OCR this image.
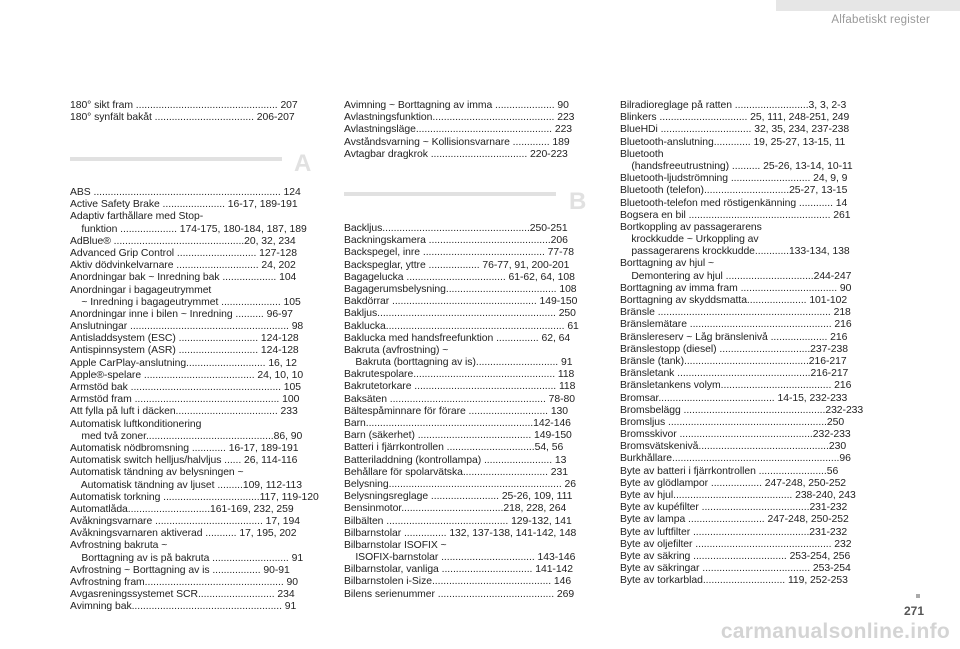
Alfabetiskt register
180° sikt fram .................................................. 207
180° synfält bakåt ................................... 206-207
A
ABS .................................................................. 124
Active Safety Brake ...................... 16-17, 189-191
Adaptiv farthållare med Stop-
funktion .................... 174-175, 180-184, 187, 189
AdBlue® ..............................................20, 32, 234
Advanced Grip Control ............................ 127-128
Aktiv dödvinkelvarnare ............................. 24, 202
Anordningar bak ~ Inredning bak ................... 104
Anordningar i bagageutrymmet
~ Inredning i bagageutrymmet ..................... 105
Anordningar inne i bilen ~ Inredning .......... 96-97
Anslutningar ........................................................ 98
Antisladdsystem (ESC) ............................ 124-128
Antispinnsystem (ASR) ............................ 124-128
Apple CarPlay-anslutning............................ 16, 12
Apple®-spelare ....................................... 24, 10, 10
Armstöd bak ..................................................... 105
Armstöd fram ................................................... 100
Att fylla på luft i däcken.................................... 233
Automatisk luftkonditionering
med två zoner.............................................86, 90
Automatisk nödbromsning ............ 16-17, 189-191
Automatisk switch helljus/halvljus ...... 26, 114-116
Automatisk tändning av belysningen ~
Automatisk tändning av ljuset .........109, 112-113
Automatisk torkning ..................................117, 119-120
Automatlåda.............................161-169, 232, 259
Avåkningsvarnare ...................................... 17, 194
Avåkningsvarnaren aktiverad ........... 17, 195, 202
Avfrostning bakruta ~
Borttagning av is på bakruta ........................... 91
Avfrostning ~ Borttagning av is ................. 90-91
Avfrostning fram................................................. 90
Avgasreningssystemet SCR........................... 234
Avimning bak..................................................... 91
Avimning ~ Borttagning av imma ..................... 90
Avlastningsfunktion........................................... 223
Avlastningsläge................................................ 223
Avståndsvarning ~ Kollisionsvarnare ............. 189
Avtagbar dragkrok .................................. 220-223
B
Backljus....................................................250-251
Backningskamera ...........................................206
Backspegel, inre ........................................... 77-78
Backspeglar, yttre .................. 76-77, 91, 200-201
Bagagelucka ................................... 61-62, 64, 108
Bagagerumsbelysning....................................... 108
Bakdörrar ................................................... 149-150
Bakljus............................................................... 250
Baklucka............................................................... 61
Baklucka med handsfreefunktion ............... 62, 64
Bakruta (avfrostning) ~
Bakruta (borttagning av is)............................. 91
Bakrutespolare.................................................. 118
Bakrutetorkare .................................................. 118
Baksäten ....................................................... 78-80
Bältespåminnare för förare ............................ 130
Barn...........................................................142-146
Barn (säkerhet) ........................................ 149-150
Batteri i fjärrkontrollen ...............................54, 56
Batteriladdning (kontrollampa) ........................ 13
Behållare för spolarvätska.............................. 231
Belysning............................................................. 26
Belysningsreglage ........................ 25-26, 109, 111
Bensinmotor....................................218, 228, 264
Bilbälten ........................................... 129-132, 141
Bilbarnstolar ............... 132, 137-138, 141-142, 148
Bilbarnstolar ISOFIX ~
ISOFIX-barnstolar ................................. 143-146
Bilbarnstolar, vanliga ................................ 141-142
Bilbarnstolen i-Size.......................................... 146
Bilens serienummer ......................................... 269
Bilradioreglage på ratten ..........................3, 3, 2-3
Blinkers ............................... 25, 111, 248-251, 249
BlueHDi ................................ 32, 35, 234, 237-238
Bluetooth-anslutning............. 19, 25-27, 13-15, 11
Bluetooth
(handsfreeutrustning) .......... 25-26, 13-14, 10-11
Bluetooth-ljudströmning ............................ 24, 9, 9
Bluetooth (telefon)..............................25-27, 13-15
Bluetooth-telefon med röstigenkänning ............ 14
Bogsera en bil .................................................. 261
Bortkoppling av passagerarens
krockkudde ~ Urkoppling av
passagerarens krockkudde............133-134, 138
Borttagning av hjul ~
Demontering av hjul ...............................244-247
Borttagning av imma fram .................................. 90
Borttagning av skyddsmatta..................... 101-102
Bränsle ............................................................. 218
Bränslemätare .................................................. 216
Bränslereserv ~ Låg bränslenivå .................... 216
Bränslestopp (diesel) ................................237-238
Bränsle (tank)............................................216-217
Bränsletank ...............................................216-217
Bränsletankens volym....................................... 216
Bromsar......................................... 14-15, 232-233
Bromsbelägg ..................................................232-233
Bromsljus ........................................................250
Bromsskivor ...............................................232-233
Bromsvätskenivå..............................................230
Burkhållare...........................................................96
Byte av batteri i fjärrkontrollen ........................56
Byte av glödlampor .................. 247-248, 250-252
Byte av hjul.......................................... 238-240, 243
Byte av kupéfilter ......................................231-232
Byte av lampa ........................... 247-248, 250-252
Byte av luftfilter .........................................231-232
Byte av oljefilter ................................................ 232
Byte av säkring ................................. 253-254, 256
Byte av säkringar ...................................... 253-254
Byte av torkarblad............................. 119, 252-253
271
carmanualsonline.info
